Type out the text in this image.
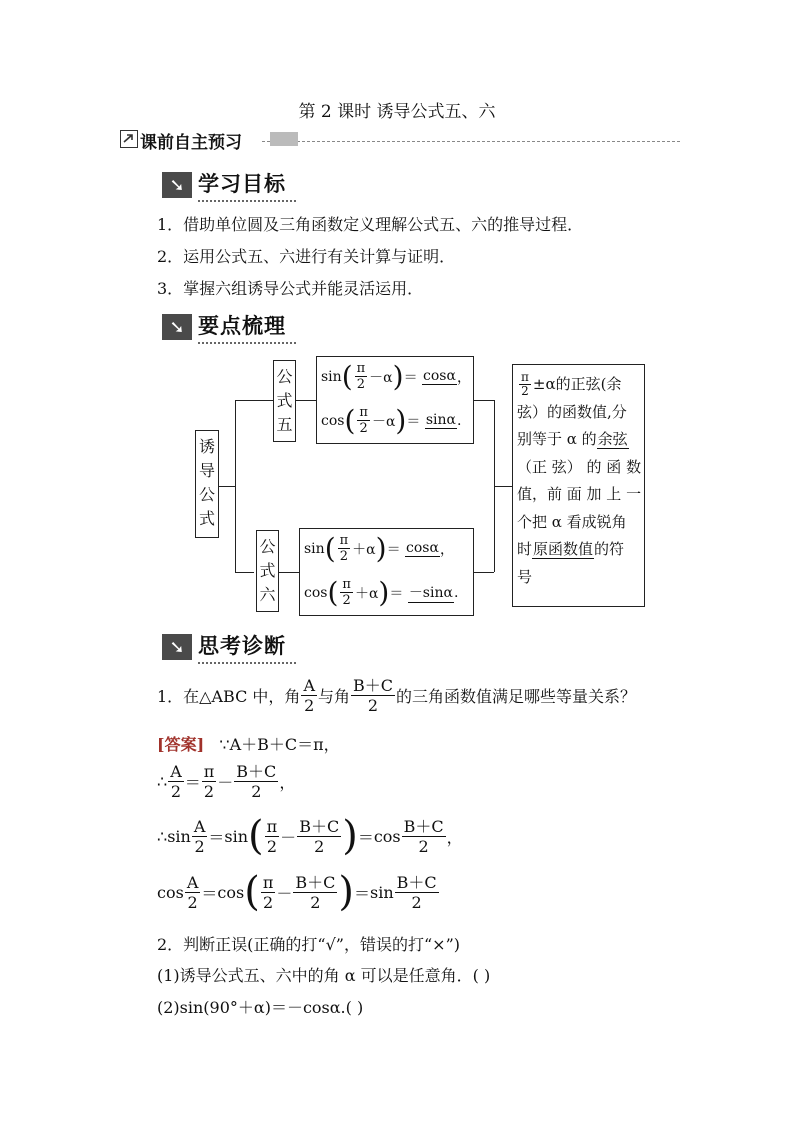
第 2 课时 诱导公式五、六
课前自主预习
➘ 学习目标
1．借助单位圆及三角函数定义理解公式五、六的推导过程．
2．运用公式五、六进行有关计算与证明．
3．掌握六组诱导公式并能灵活运用．
➘ 要点梳理
诱
导
公
式
公
式
五
公
式
六
sin ( $\frac{\pi}{2} -\alpha$ ) ＝
cosα ，
cos ( $\frac{\pi}{2} -\alpha$ ) ＝
sinα .
sin ( $\frac{\pi}{2} +\alpha$ ) ＝
cosα ，
cos ( $\frac{\pi}{2} +\alpha$ ) ＝
－sinα .
$\frac{\pi}{2} \pm\alpha$的正弦(余
弦）的函数值,分
别等于 α 的余弦
（正 弦） 的 函 数
值，前 面 加 上 一
个把 α 看成锐角
时原函数值的符
号
➘ 思考诊断
1．在△ABC 中，角
A
2 与角
B＋C
2 的三角函数值满足哪些等量关系？
[答案]
∵A＋B＋C＝π，
∴
A
2 ＝
π
2 －
B＋C
2 ，
∴ sin
A
2 ＝ sin ( π
2 －
B＋C
2 ) ＝ cos
B＋C
2 ，
cos
A
2 ＝ cos ( π
2 －
B＋C
2 ) ＝ sin
B＋C
2
2．判断正误(正确的打“√”，错误的打“×”)
(1)诱导公式五、六中的角 α 可以是任意角．( )
(2)sin(90°＋α)＝－cosα.( )
